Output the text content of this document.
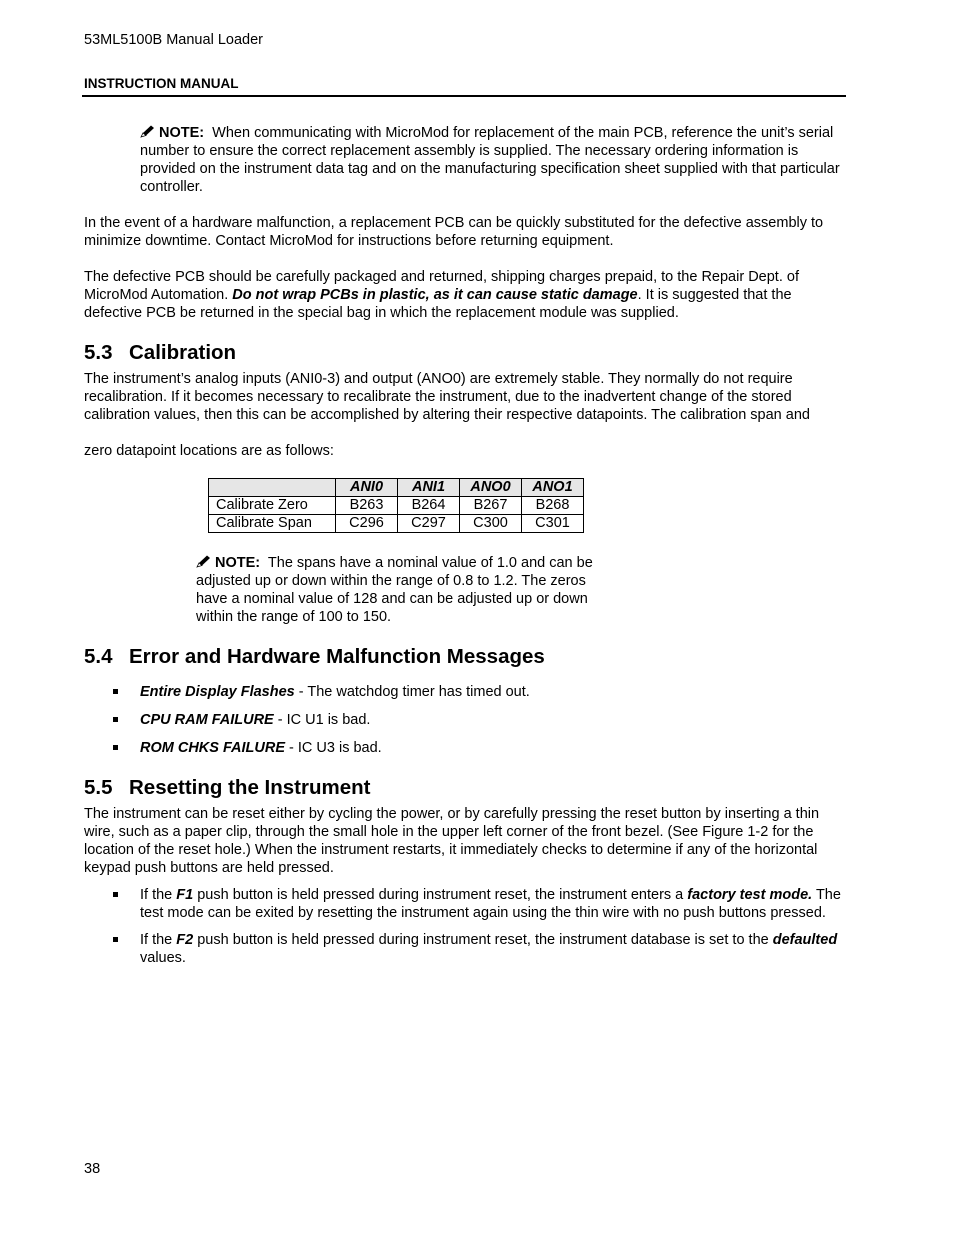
53ML5100B Manual Loader
INSTRUCTION MANUAL
NOTE: When communicating with MicroMod for replacement of the main PCB, reference the unit’s serial number to ensure the correct replacement assembly is supplied. The necessary ordering information is provided on the instrument data tag and on the manufacturing specification sheet supplied with that particular controller.
In the event of a hardware malfunction, a replacement PCB can be quickly substituted for the defective assembly to minimize downtime. Contact MicroMod for instructions before returning equipment.
The defective PCB should be carefully packaged and returned, shipping charges prepaid, to the Repair Dept. of MicroMod Automation. Do not wrap PCBs in plastic, as it can cause static damage. It is suggested that the defective PCB be returned in the special bag in which the replacement module was supplied.
5.3 Calibration
The instrument’s analog inputs (ANI0-3) and output (ANO0) are extremely stable. They normally do not require recalibration. If it becomes necessary to recalibrate the instrument, due to the inadvertent change of the stored calibration values, then this can be accomplished by altering their respective datapoints. The calibration span and
zero datapoint locations are as follows:
	ANI0	ANI1	ANO0	ANO1
Calibrate Zero	B263	B264	B267	B268
Calibrate Span	C296	C297	C300	C301
NOTE: The spans have a nominal value of 1.0 and can be adjusted up or down within the range of 0.8 to 1.2. The zeros have a nominal value of 128 and can be adjusted up or down within the range of 100 to 150.
5.4 Error and Hardware Malfunction Messages
Entire Display Flashes - The watchdog timer has timed out.
CPU RAM FAILURE - IC U1 is bad.
ROM CHKS FAILURE - IC U3 is bad.
5.5 Resetting the Instrument
The instrument can be reset either by cycling the power, or by carefully pressing the reset button by inserting a thin wire, such as a paper clip, through the small hole in the upper left corner of the front bezel. (See Figure 1-2 for the location of the reset hole.) When the instrument restarts, it immediately checks to determine if any of the horizontal keypad push buttons are held pressed.
If the F1 push button is held pressed during instrument reset, the instrument enters a factory test mode. The test mode can be exited by resetting the instrument again using the thin wire with no push buttons pressed.
If the F2 push button is held pressed during instrument reset, the instrument database is set to the defaulted values.
38
